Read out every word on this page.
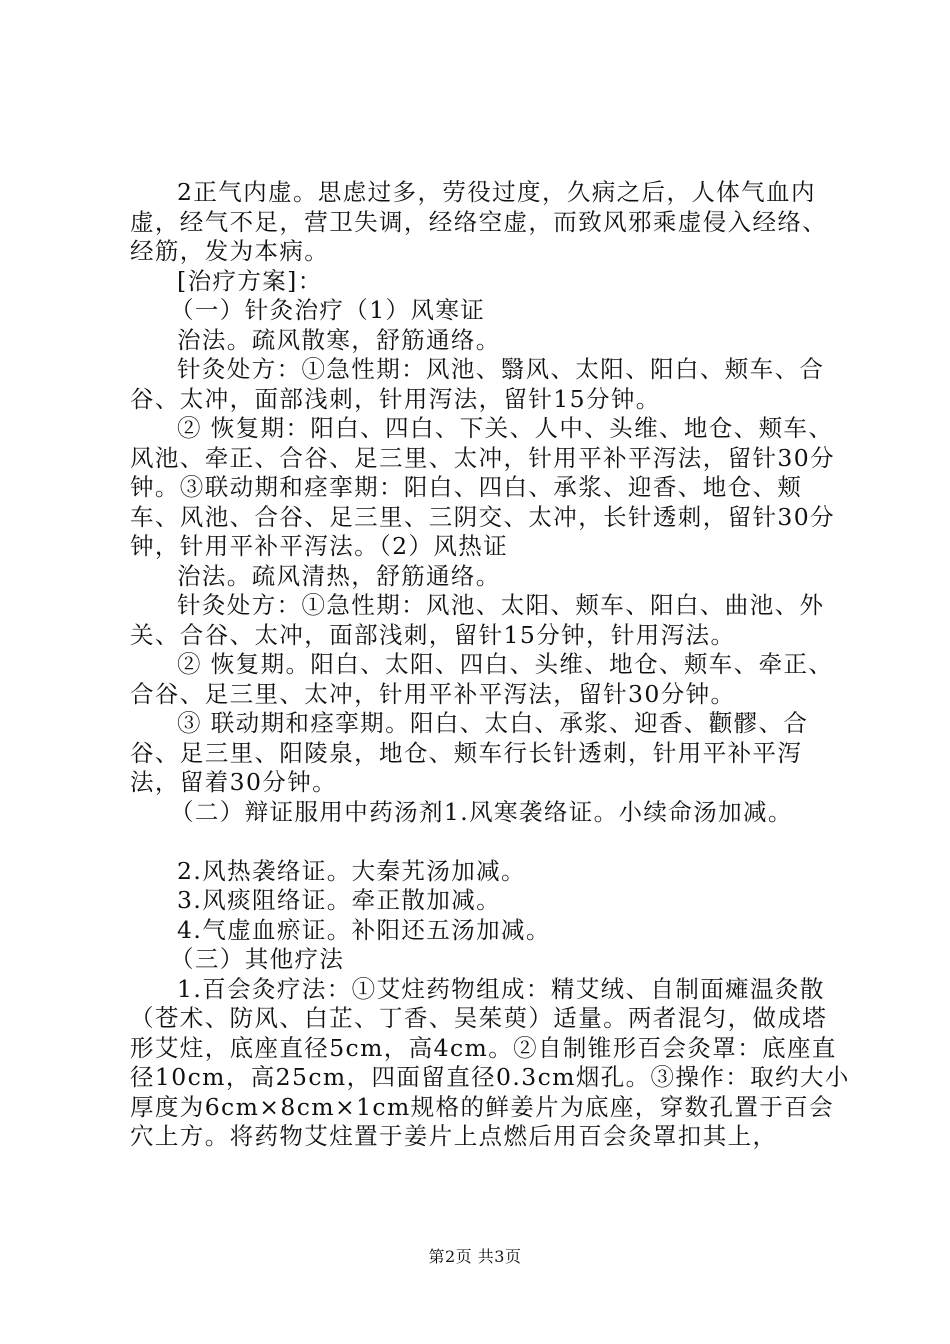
2正气内虚。思虑过多，劳役过度，久病之后，人体气血内虚，经气不足，营卫失调，经络空虚，而致风邪乘虚侵入经络、经筋，发为本病。

[治疗方案]：

（一）针灸治疗（1）风寒证

治法。疏风散寒，舒筋通络。

针灸处方：①急性期：风池、翳风、太阳、阳白、颊车、合谷、太冲，面部浅刺，针用泻法，留针15分钟。

② 恢复期：阳白、四白、下关、人中、头维、地仓、颊车、风池、牵正、合谷、足三里、太冲，针用平补平泻法，留针30分钟。③联动期和痉挛期：阳白、四白、承浆、迎香、地仓、颊车、风池、合谷、足三里、三阴交、太冲，长针透刺，留针30分钟，针用平补平泻法。（2）风热证

治法。疏风清热，舒筋通络。

针灸处方：①急性期：风池、太阳、颊车、阳白、曲池、外关、合谷、太冲，面部浅刺，留针15分钟，针用泻法。

② 恢复期。阳白、太阳、四白、头维、地仓、颊车、牵正、合谷、足三里、太冲，针用平补平泻法，留针30分钟。

③ 联动期和痉挛期。阳白、太白、承浆、迎香、颧髎、合谷、足三里、阳陵泉，地仓、颊车行长针透刺，针用平补平泻法，留着30分钟。

（二）辩证服用中药汤剂1.风寒袭络证。小续命汤加减。

2.风热袭络证。大秦艽汤加减。

3.风痰阻络证。牵正散加减。

4.气虚血瘀证。补阳还五汤加减。

（三）其他疗法

1.百会灸疗法：①艾炷药物组成：精艾绒、自制面瘫温灸散（苍术、防风、白芷、丁香、吴茱萸）适量。两者混匀，做成塔形艾炷，底座直径5cm，高4cm。②自制锥形百会灸罩：底座直径10cm，高25cm，四面留直径0.3cm烟孔。③操作：取约大小厚度为6cm×8cm×1cm规格的鲜姜片为底座，穿数孔置于百会穴上方。将药物艾炷置于姜片上点燃后用百会灸罩扣其上，

第2页 共3页
